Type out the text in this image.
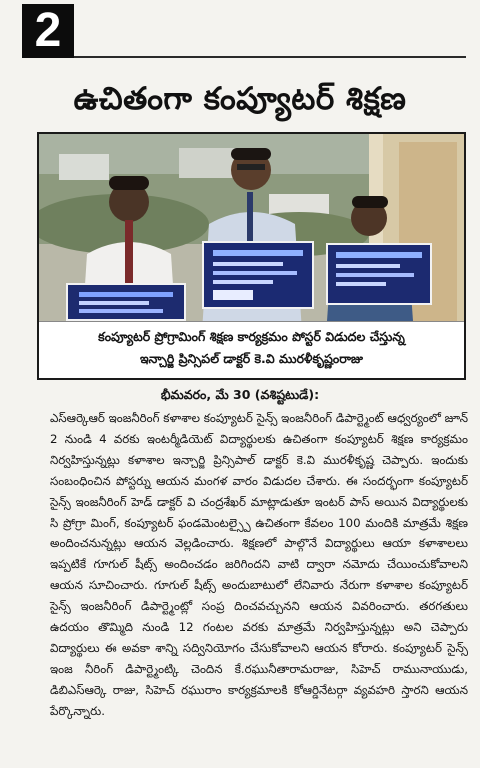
2
ఉచితంగా కంప్యూటర్ శిక్షణ
కంప్యూటర్ ప్రోగ్రామింగ్ శిక్షణ కార్యక్రమం పోస్టర్ విడుదల చేస్తున్న
ఇన్చార్జి ప్రిన్సిపల్ డాక్టర్ కె.వి మురళీకృష్ణంరాజు
భీమవరం, మే 30 (వశిష్టటుడే):

ఎస్ఆర్కెఆర్ ఇంజనీరింగ్ కళాశాల కంప్యూటర్ సైన్స్ ఇంజనీరింగ్ డిపార్ట్మెంట్ ఆధ్వర్యంలో జూన్ 2 నుండి 4 వరకు ఇంటర్మీడియెట్ విద్యార్థులకు ఉచితంగా కంప్యూటర్ శిక్షణ కార్యక్రమం నిర్వహిస్తున్నట్లు కళాశాల ఇన్చార్జి ప్రిన్సిపాల్ డాక్టర్ కె.వి మురళీకృష్ణ చెప్పారు. ఇందుకు సంబంధించిన పోస్టర్ను ఆయన మంగళ వారం విడుదల చేశారు. ఈ సందర్భంగా కంప్యూటర్ సైన్స్ ఇంజనీరింగ్ హెడ్ డాక్టర్ వి చంద్రశేఖర్ మాట్లాడుతూ ఇంటర్ పాస్ అయిన విద్యార్థులకు సి ప్రోగ్రా మింగ్, కంప్యూటర్ ఫండమెంటల్స్పై ఉచితంగా కేవలం 100 మందికి మాత్రమే శిక్షణ అందించనున్నట్లు ఆయన వెల్లడించారు. శిక్షణలో పాల్గొనే విద్యార్థులు ఆయా కళాశాలలు ఇప్పటికే గూగుల్ షీట్స్ అందించడం జరిగిందని వాటి ద్వారా నమోదు చేయించుకోవాలని ఆయన సూచించారు. గూగుల్ షీట్స్ అందుబాటులో లేనివారు నేరుగా కళాశాల కంప్యూటర్ సైన్స్ ఇంజనీరింగ్ డిపార్ట్మెంట్లో సంప్ర దించవచ్చునని ఆయన వివరించారు. తరగతులు ఉదయం తొమ్మిది నుండి 12 గంటల వరకు మాత్రమే నిర్వహిస్తున్నట్లు అని చెప్పారు విద్యార్థులు ఈ అవకా శాన్ని సద్వినియోగం చేసుకోవాలని ఆయన కోరారు. కంప్యూటర్ సైన్స్ ఇంజ నీరింగ్ డిపార్ట్మెంట్కి చెందిన కే.రఘునీతారామరాజు, సిహెచ్ రామునాయుడు, డిబిఎస్ఆర్కె రాజు, సిహెచ్ రఘురాం కార్యక్రమాలకి కోఆర్డినేటర్గా వ్యవహరి స్తారని ఆయన పేర్కొన్నారు.
